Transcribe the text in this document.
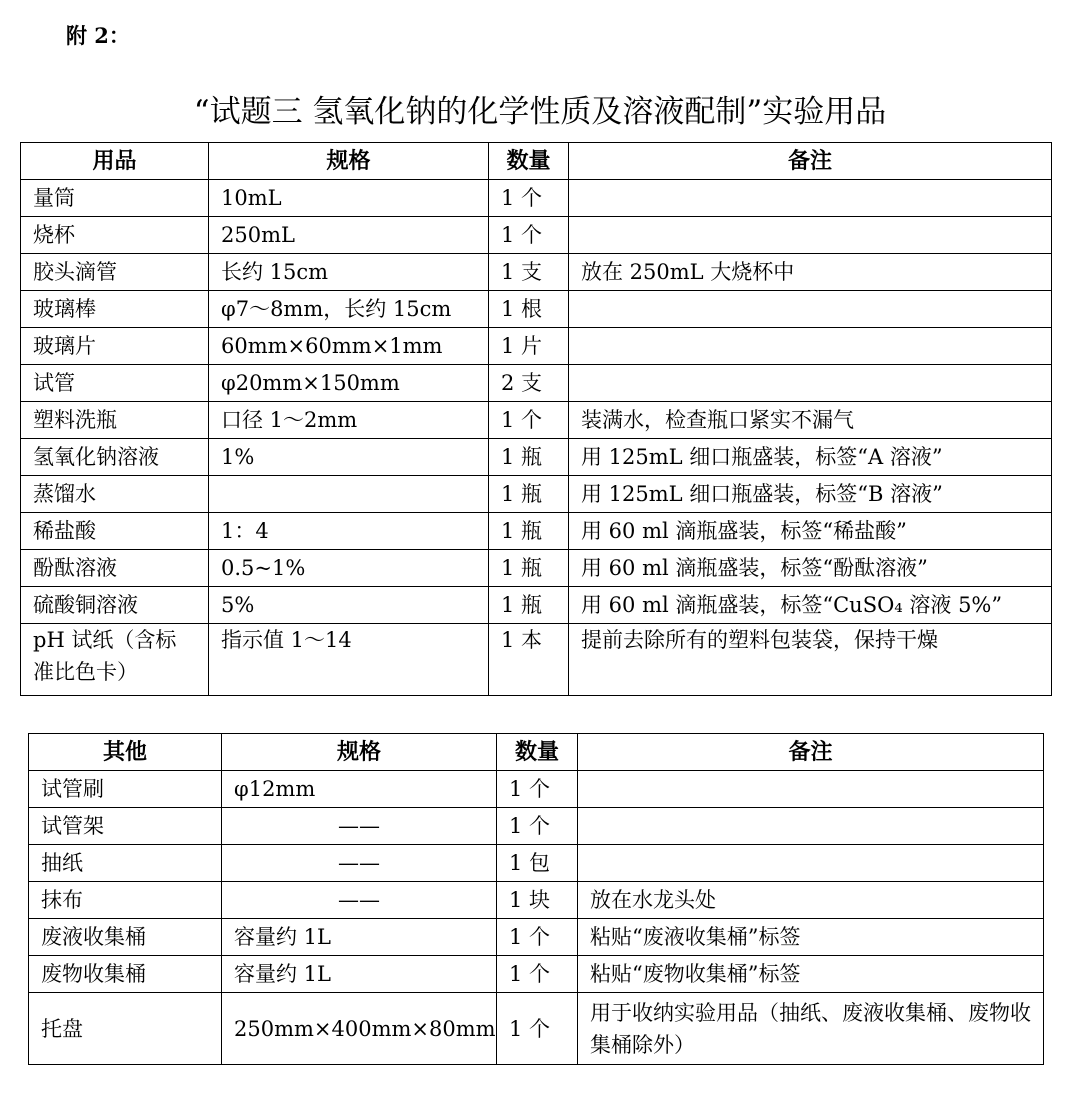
附 2：
“试题三 氢氧化钠的化学性质及溶液配制”实验用品
用品	规格	数量	备注
量筒	10mL	1 个	
烧杯	250mL	1 个	
胶头滴管	长约 15cm	1 支	放在 250mL 大烧杯中
玻璃棒	φ7～8mm，长约 15cm	1 根	
玻璃片	60mm×60mm×1mm	1 片	
试管	φ20mm×150mm	2 支	
塑料洗瓶	口径 1～2mm	1 个	装满水，检查瓶口紧实不漏气
氢氧化钠溶液	1%	1 瓶	用 125mL 细口瓶盛装，标签“A 溶液”
蒸馏水		1 瓶	用 125mL 细口瓶盛装，标签“B 溶液”
稀盐酸	1：4	1 瓶	用 60 ml 滴瓶盛装，标签“稀盐酸”
酚酞溶液	0.5~1%	1 瓶	用 60 ml 滴瓶盛装，标签“酚酞溶液”
硫酸铜溶液	5%	1 瓶	用 60 ml 滴瓶盛装，标签“CuSO₄ 溶液 5%”
pH 试纸（含标准比色卡）	指示值 1～14	1 本	提前去除所有的塑料包装袋，保持干燥
其他	规格	数量	备注
试管刷	φ12mm	1 个	
试管架	——	1 个	
抽纸	——	1 包	
抹布	——	1 块	放在水龙头处
废液收集桶	容量约 1L	1 个	粘贴“废液收集桶”标签
废物收集桶	容量约 1L	1 个	粘贴“废物收集桶”标签
托盘	250mm×400mm×80mm	1 个	用于收纳实验用品（抽纸、废液收集桶、废物收集桶除外）
